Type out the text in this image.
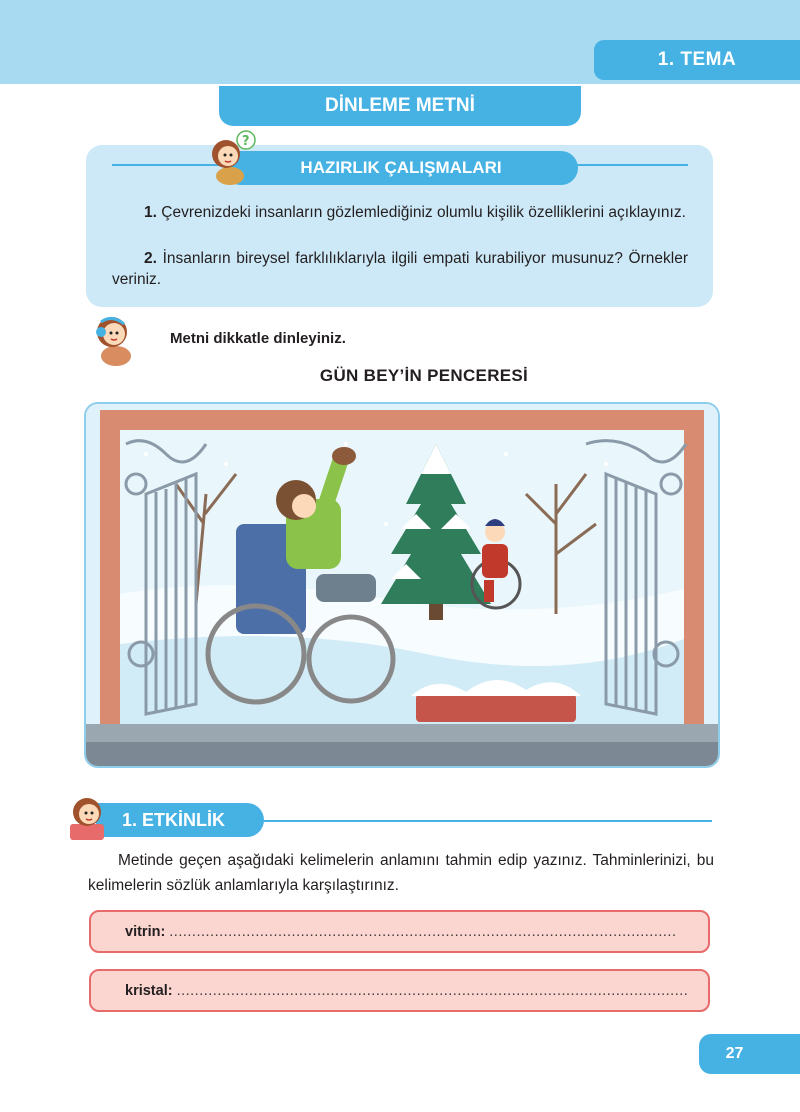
1. TEMA
DİNLEME METNİ
HAZIRLIK ÇALIŞMALARI
?
1. Çevrenizdeki insanların gözlemlediğiniz olumlu kişilik özelliklerini açıklayınız.
2. İnsanların bireysel farklılıklarıyla ilgili empati kurabiliyor musunuz? Örnekler veriniz.
Metni dikkatle dinleyiniz.
GÜN BEY’İN PENCERESİ
1. ETKİNLİK
Metinde geçen aşağıdaki kelimelerin anlamını tahmin edip yazınız. Tahminlerinizi, bu kelimelerin sözlük anlamlarıyla karşılaştırınız.
vitrin: ................................................................................................................
kristal: .................................................................................................................
27
